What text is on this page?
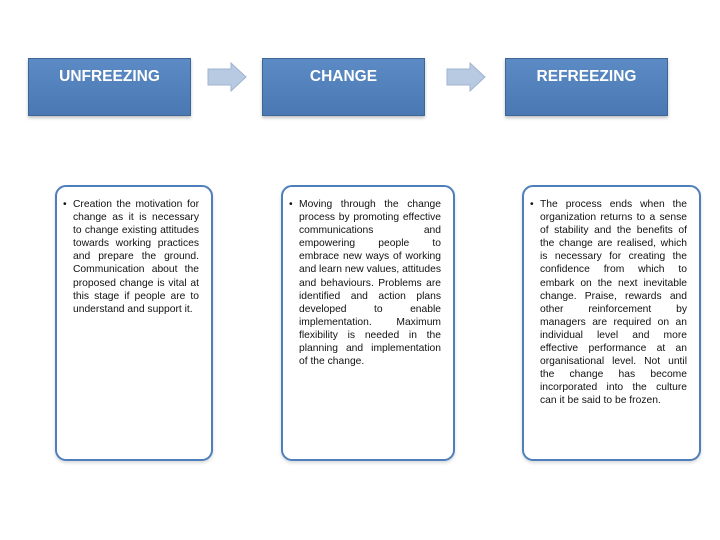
UNFREEZING	CHANGE	REFREEZING
• Creation the motivation for change as it is necessary to change existing attitudes towards working practices and prepare the ground. Communication about the proposed change is vital at this stage if people are to understand and support it.
• Moving through the change process by promoting effective communications and empowering people to embrace new ways of working and learn new values, attitudes and behaviours. Problems are identified and action plans developed to enable implementation. Maximum flexibility is needed in the planning and implementation of the change.
• The process ends when the organization returns to a sense of stability and the benefits of the change are realised, which is necessary for creating the confidence from which to embark on the next inevitable change. Praise, rewards and other reinforcement by managers are required on an individual level and more effective performance at an organisational level. Not until the change has become incorporated into the culture can it be said to be frozen.
